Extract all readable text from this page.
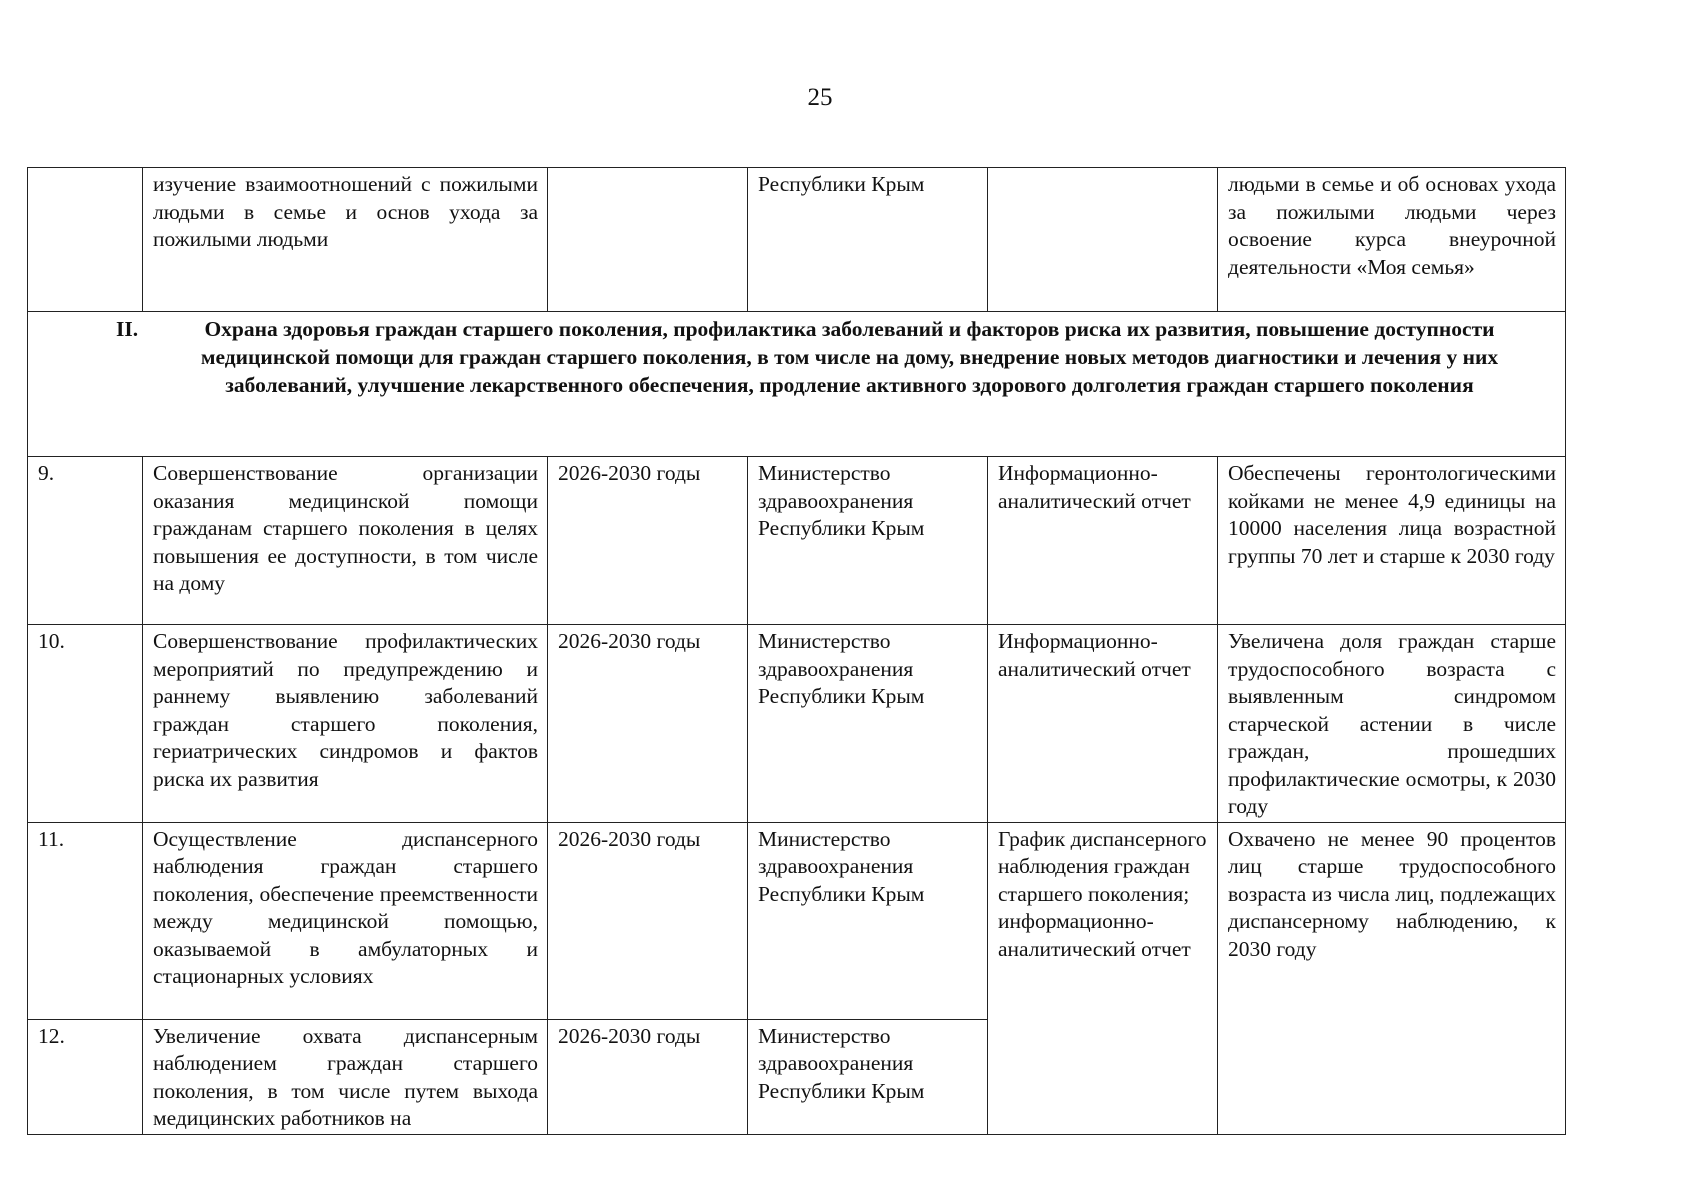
25
	изучение взаимоотношений с пожилыми людьми в семье и основ ухода за пожилыми людьми		Республики Крым		людьми в семье и об основах ухода за пожилыми людьми через освоение курса внеурочной деятельности «Моя семья»

II. Охрана здоровья граждан старшего поколения, профилактика заболеваний и факторов риска их развития, повышение доступности медицинской помощи для граждан старшего поколения, в том числе на дому, внедрение новых методов диагностики и лечения у них заболеваний, улучшение лекарственного обеспечения, продление активного здорового долголетия граждан старшего поколения					

9.	Совершенствование организации оказания медицинской помощи гражданам старшего поколения в целях повышения ее доступности, в том числе на дому	2026-2030 годы	Министерство здравоохранения Республики Крым	Информационно-аналитический отчет	Обеспечены геронтологическими койками не менее 4,9 единицы на 10000 населения лица возрастной группы 70 лет и старше к 2030 году
10.	Совершенствование профилактических мероприятий по предупреждению и раннему выявлению заболеваний граждан старшего поколения, гериатрических синдромов и фактов риска их развития	2026-2030 годы	Министерство здравоохранения Республики Крым	Информационно-аналитический отчет	Увеличена доля граждан старше трудоспособного возраста с выявленным синдромом старческой астении в числе граждан, прошедших профилактические осмотры, к 2030 году
11.	Осуществление диспансерного наблюдения граждан старшего поколения, обеспечение преемственности между медицинской помощью, оказываемой в амбулаторных и стационарных условиях	2026-2030 годы	Министерство здравоохранения Республики Крым	График диспансерного наблюдения граждан старшего поколения; информационно-аналитический отчет	Охвачено не менее 90 процентов лиц старше трудоспособного возраста из числа лиц, подлежащих диспансерному наблюдению, к 2030 году
12.	Увеличение охвата диспансерным наблюдением граждан старшего поколения, в том числе путем выхода медицинских работников на	2026-2030 годы	Министерство здравоохранения Республики Крым		
